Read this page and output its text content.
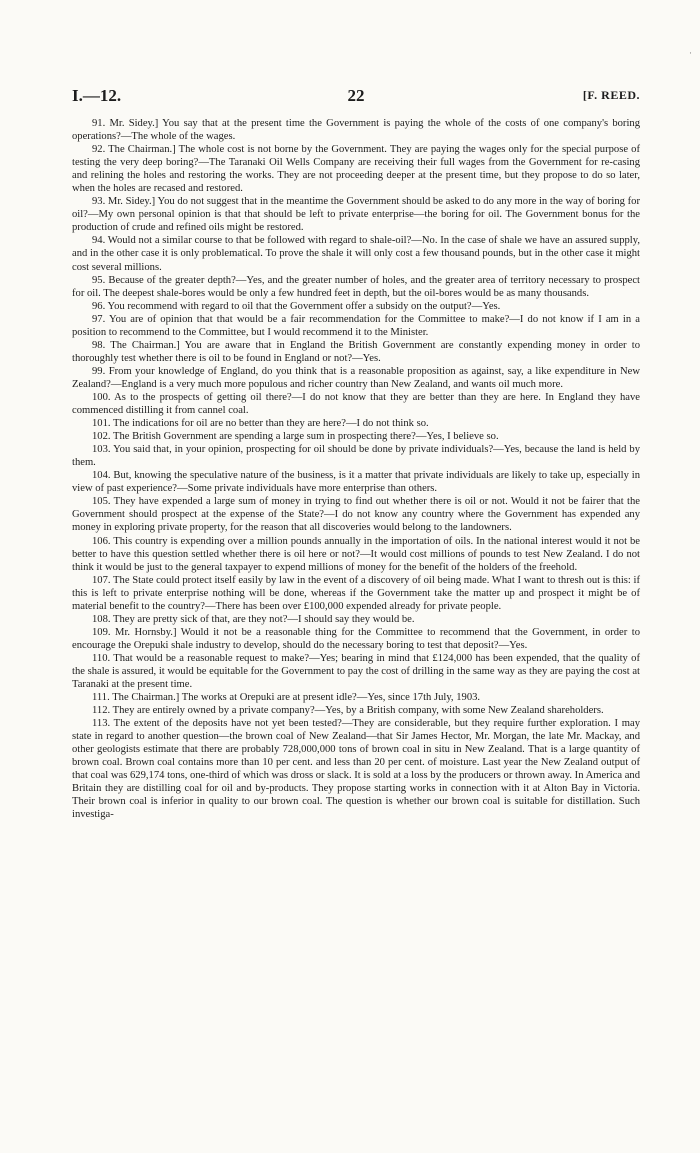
·
I.—12.	22	[F. REED.

91. Mr. Sidey.] You say that at the present time the Government is paying the whole of the costs of one company's boring operations?—The whole of the wages.

92. The Chairman.] The whole cost is not borne by the Government. They are paying the wages only for the special purpose of testing the very deep boring?—The Taranaki Oil Wells Company are receiving their full wages from the Government for re-casing and relining the holes and restoring the works. They are not proceeding deeper at the present time, but they propose to do so later, when the holes are recased and restored.

93. Mr. Sidey.] You do not suggest that in the meantime the Government should be asked to do any more in the way of boring for oil?—My own personal opinion is that that should be left to private enterprise—the boring for oil. The Government bonus for the production of crude and refined oils might be restored.

94. Would not a similar course to that be followed with regard to shale-oil?—No. In the case of shale we have an assured supply, and in the other case it is only problematical. To prove the shale it will only cost a few thousand pounds, but in the other case it might cost several millions.

95. Because of the greater depth?—Yes, and the greater number of holes, and the greater area of territory necessary to prospect for oil. The deepest shale-bores would be only a few hundred feet in depth, but the oil-bores would be as many thousands.

96. You recommend with regard to oil that the Government offer a subsidy on the output?—Yes.

97. You are of opinion that that would be a fair recommendation for the Committee to make?—I do not know if I am in a position to recommend to the Committee, but I would recommend it to the Minister.

98. The Chairman.] You are aware that in England the British Government are constantly expending money in order to thoroughly test whether there is oil to be found in England or not?—Yes.

99. From your knowledge of England, do you think that is a reasonable proposition as against, say, a like expenditure in New Zealand?—England is a very much more populous and richer country than New Zealand, and wants oil much more.

100. As to the prospects of getting oil there?—I do not know that they are better than they are here. In England they have commenced distilling it from cannel coal.

101. The indications for oil are no better than they are here?—I do not think so.

102. The British Government are spending a large sum in prospecting there?—Yes, I believe so.

103. You said that, in your opinion, prospecting for oil should be done by private individuals?—Yes, because the land is held by them.

104. But, knowing the speculative nature of the business, is it a matter that private individuals are likely to take up, especially in view of past experience?—Some private individuals have more enterprise than others.

105. They have expended a large sum of money in trying to find out whether there is oil or not. Would it not be fairer that the Government should prospect at the expense of the State?—I do not know any country where the Government has expended any money in exploring private property, for the reason that all discoveries would belong to the landowners.

106. This country is expending over a million pounds annually in the importation of oils. In the national interest would it not be better to have this question settled whether there is oil here or not?—It would cost millions of pounds to test New Zealand. I do not think it would be just to the general taxpayer to expend millions of money for the benefit of the holders of the freehold.

107. The State could protect itself easily by law in the event of a discovery of oil being made. What I want to thresh out is this: if this is left to private enterprise nothing will be done, whereas if the Government take the matter up and prospect it might be of material benefit to the country?—There has been over £100,000 expended already for private people.

108. They are pretty sick of that, are they not?—I should say they would be.

109. Mr. Hornsby.] Would it not be a reasonable thing for the Committee to recommend that the Government, in order to encourage the Orepuki shale industry to develop, should do the necessary boring to test that deposit?—Yes.

110. That would be a reasonable request to make?—Yes; bearing in mind that £124,000 has been expended, that the quality of the shale is assured, it would be equitable for the Government to pay the cost of drilling in the same way as they are paying the cost at Taranaki at the present time.

111. The Chairman.] The works at Orepuki are at present idle?—Yes, since 17th July, 1903.

112. They are entirely owned by a private company?—Yes, by a British company, with some New Zealand shareholders.

113. The extent of the deposits have not yet been tested?—They are considerable, but they require further exploration. I may state in regard to another question—the brown coal of New Zealand—that Sir James Hector, Mr. Morgan, the late Mr. Mackay, and other geologists estimate that there are probably 728,000,000 tons of brown coal in situ in New Zealand. That is a large quantity of brown coal. Brown coal contains more than 10 per cent. and less than 20 per cent. of moisture. Last year the New Zealand output of that coal was 629,174 tons, one-third of which was dross or slack. It is sold at a loss by the producers or thrown away. In America and Britain they are distilling coal for oil and by-products. They propose starting works in connection with it at Alton Bay in Victoria. Their brown coal is inferior in quality to our brown coal. The question is whether our brown coal is suitable for distillation. Such investiga-
